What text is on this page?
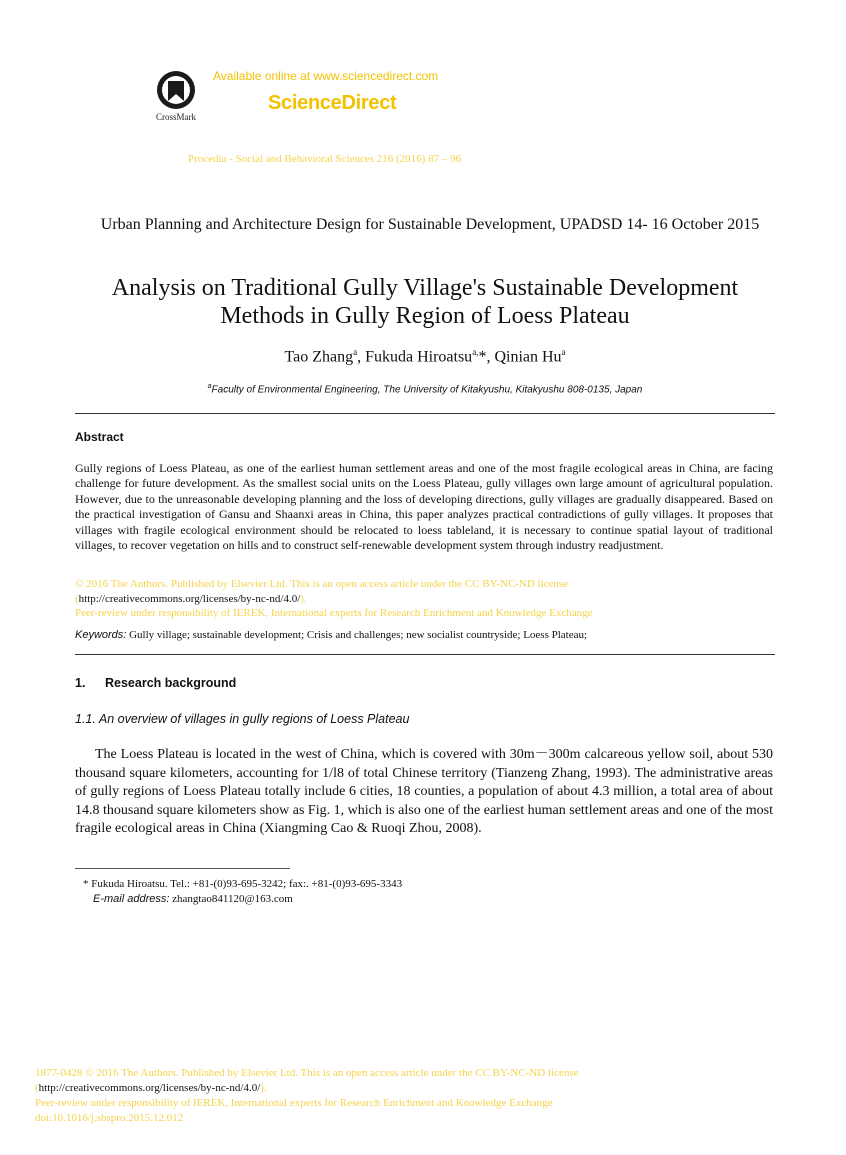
CrossMark
Available online at www.sciencedirect.com
ScienceDirect
Procedia - Social and Behavioral Sciences 216 (2016) 87 – 96
Urban Planning and Architecture Design for Sustainable Development, UPADSD 14- 16 October 2015
Analysis on Traditional Gully Village's Sustainable Development
Methods in Gully Region of Loess Plateau
Tao Zhang$^a$, Fukuda Hiroatsu$^{a,}$*, Qinian Hu$^a$
$^a$Faculty of Environmental Engineering, The University of Kitakyushu, Kitakyushu 808-0135, Japan
Abstract
Gully regions of Loess Plateau, as one of the earliest human settlement areas and one of the most fragile ecological areas in China, are facing challenge for future development. As the smallest social units on the Loess Plateau, gully villages own large amount of agricultural population. However, due to the unreasonable developing planning and the loss of developing directions, gully villages are gradually disappeared. Based on the practical investigation of Gansu and Shaanxi areas in China, this paper analyzes practical contradictions of gully villages. It proposes that villages with fragile ecological environment should be relocated to loess tableland, it is necessary to continue spatial layout of traditional villages, to recover vegetation on hills and to construct self-renewable development system through industry readjustment.
© 2016 The Authors. Published by Elsevier Ltd. This is an open access article under the CC BY-NC-ND license
(http://creativecommons.org/licenses/by-nc-nd/4.0/).
Peer-review under responsibility of IEREK, International experts for Research Enrichment and Knowledge Exchange
Keywords: Gully village; sustainable development; Crisis and challenges; new socialist countryside; Loess Plateau;
1. Research background
1.1. An overview of villages in gully regions of Loess Plateau
The Loess Plateau is located in the west of China, which is covered with 30m－300m calcareous yellow soil, about 530 thousand square kilometers, accounting for 1/l8 of total Chinese territory (Tianzeng Zhang, 1993). The administrative areas of gully regions of Loess Plateau totally include 6 cities, 18 counties, a population of about 4.3 million, a total area of about 14.8 thousand square kilometers show as Fig. 1, which is also one of the earliest human settlement areas and one of the most fragile ecological areas in China (Xiangming Cao & Ruoqi Zhou, 2008).
* Fukuda Hiroatsu. Tel.: +81-(0)93-695-3242; fax:. +81-(0)93-695-3343
E-mail address: zhangtao841120@163.com
1877-0428 © 2016 The Authors. Published by Elsevier Ltd. This is an open access article under the CC BY-NC-ND license
(http://creativecommons.org/licenses/by-nc-nd/4.0/).
Peer-review under responsibility of IEREK, International experts for Research Enrichment and Knowledge Exchange
doi:10.1016/j.sbspro.2015.12.012
